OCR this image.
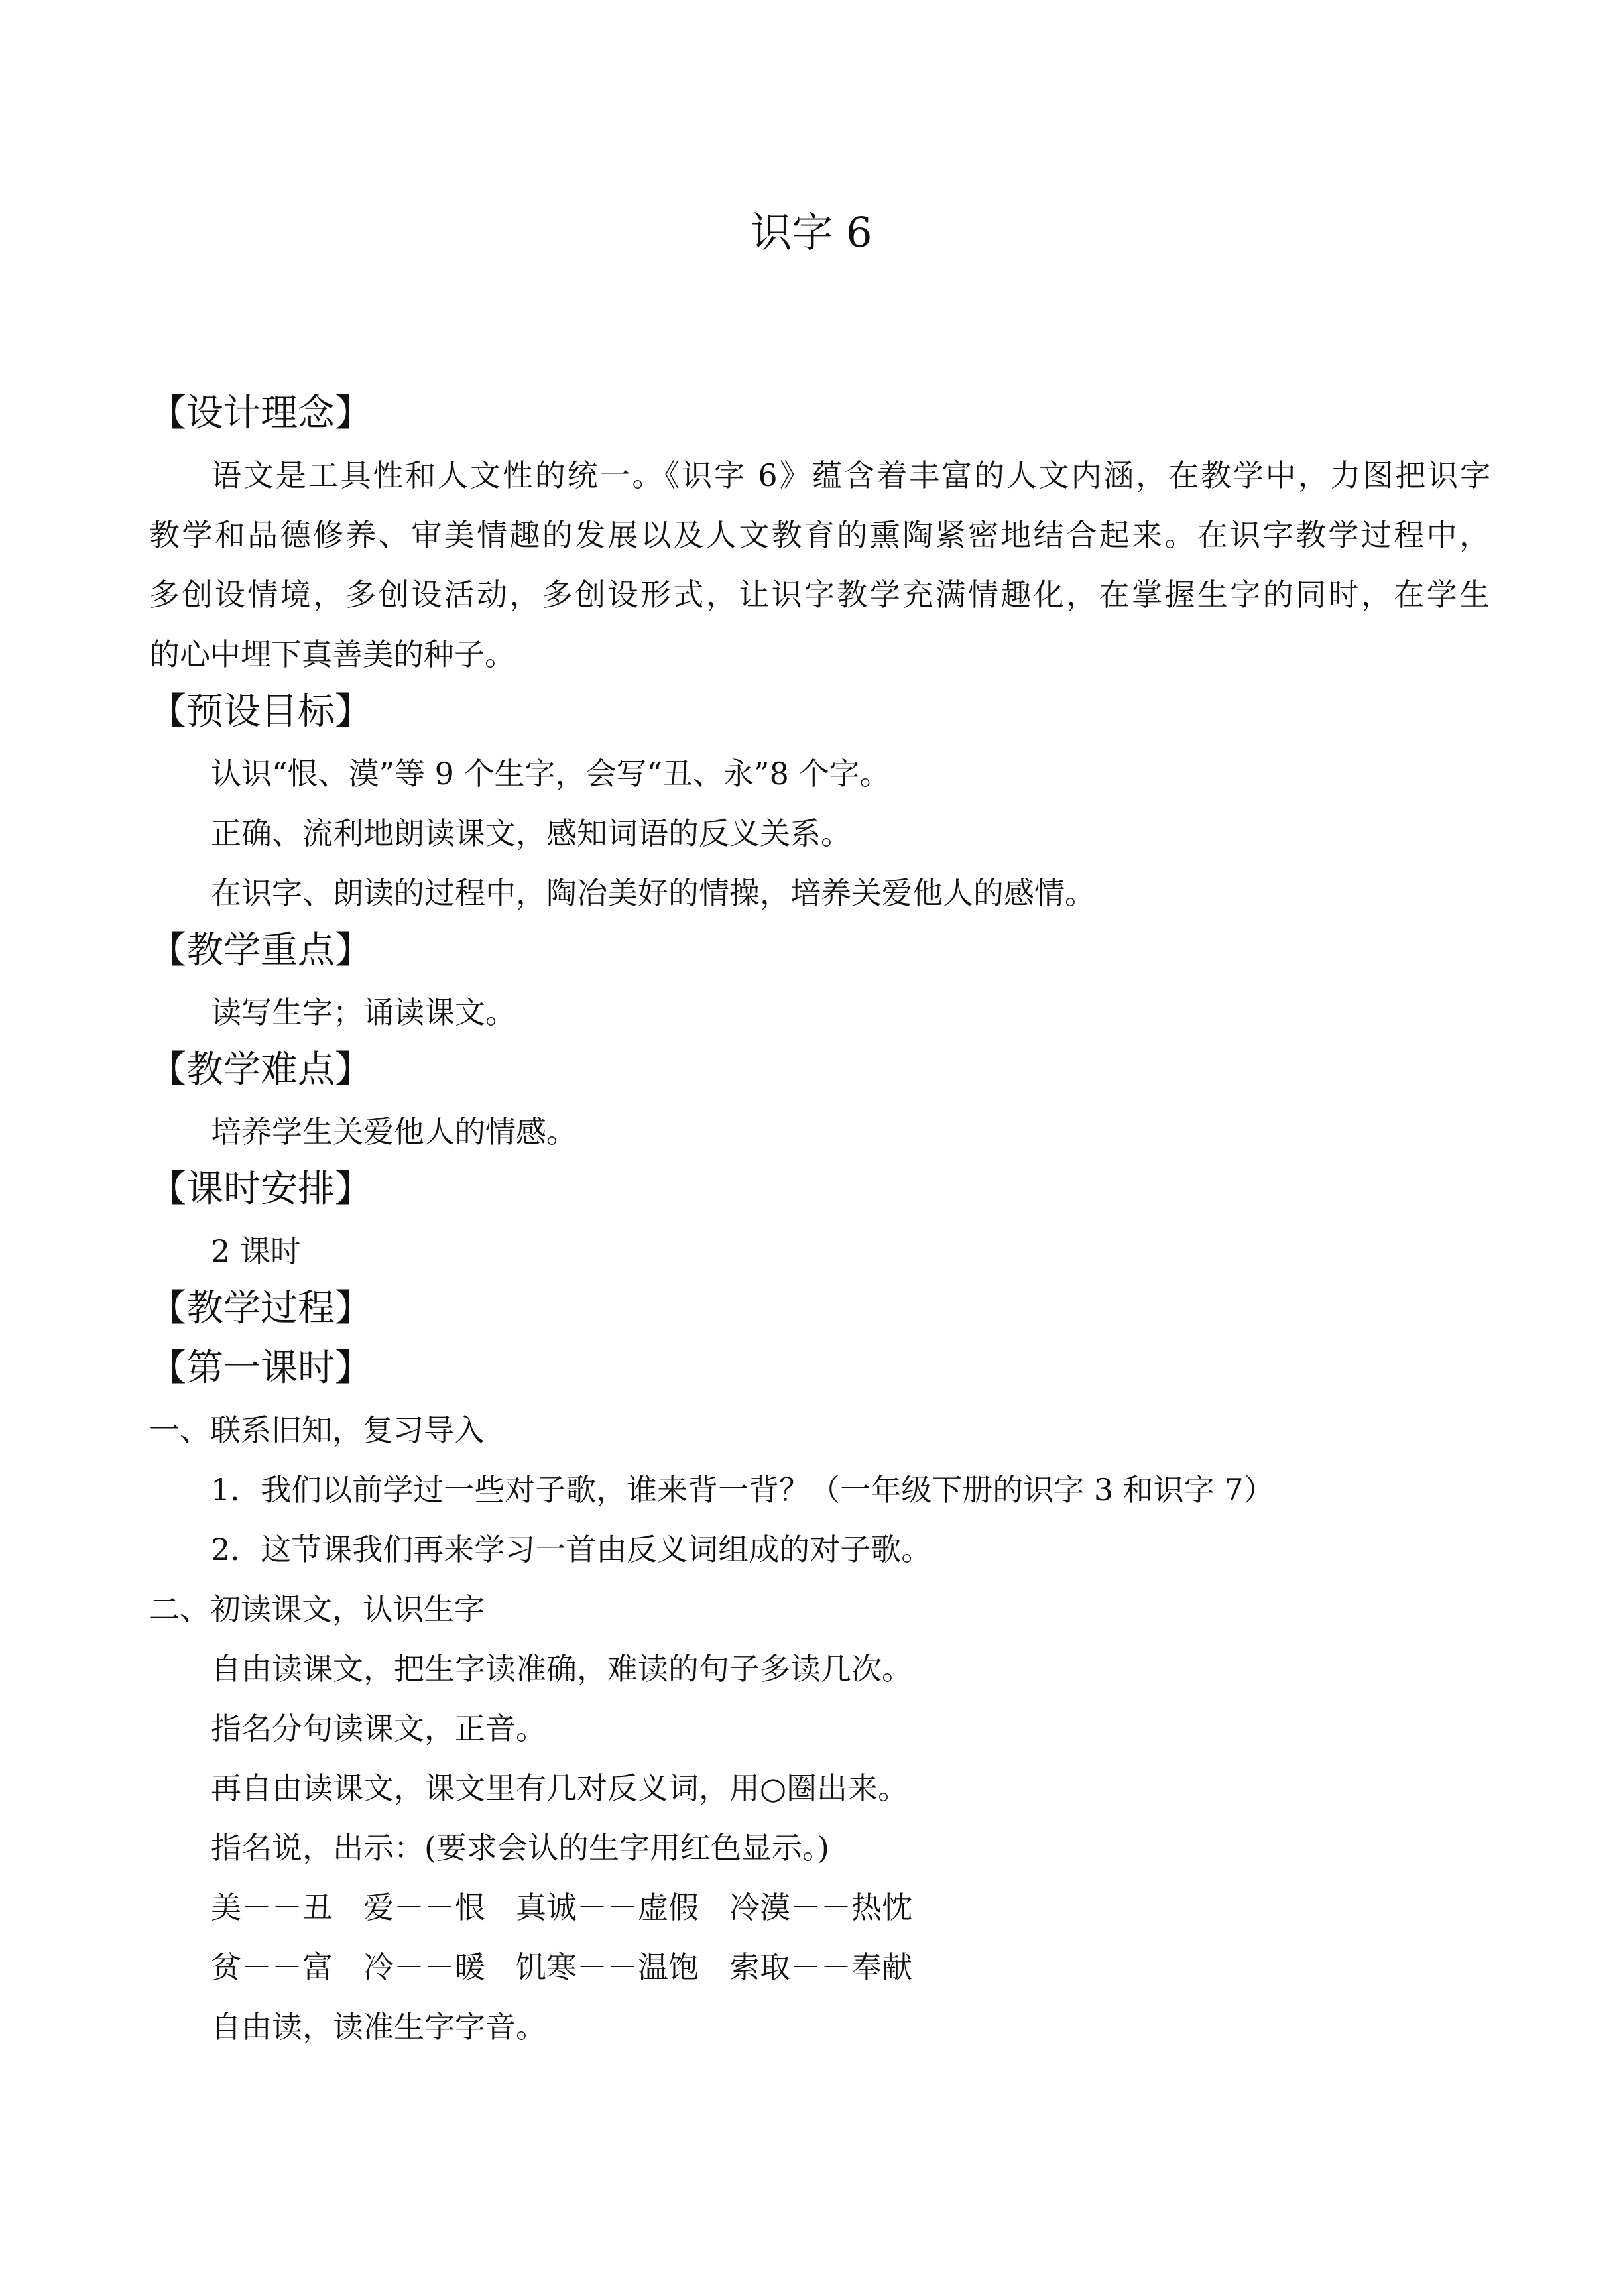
识字 6
【设计理念】
语文是工具性和人文性的统一。《识字 6》蕴含着丰富的人文内涵，在教学中，力图把识字
教学和品德修养、审美情趣的发展以及人文教育的熏陶紧密地结合起来。在识字教学过程中，
多创设情境，多创设活动，多创设形式，让识字教学充满情趣化，在掌握生字的同时，在学生
的心中埋下真善美的种子。
【预设目标】
认识“恨、漠”等 9 个生字，会写“丑、永”8 个字。
正确、流利地朗读课文，感知词语的反义关系。
在识字、朗读的过程中，陶冶美好的情操，培养关爱他人的感情。
【教学重点】
读写生字；诵读课文。
【教学难点】
培养学生关爱他人的情感。
【课时安排】
2 课时
【教学过程】
【第一课时】
一、联系旧知，复习导入
1．我们以前学过一些对子歌，谁来背一背？（一年级下册的识字 3 和识字 7）
2．这节课我们再来学习一首由反义词组成的对子歌。
二、初读课文，认识生字
自由读课文，把生字读准确，难读的句子多读几次。
指名分句读课文，正音。
再自由读课文，课文里有几对反义词，用○圈出来。
指名说，出示：(要求会认的生字用红色显示。)
美－－丑　爱－－恨　真诚－－虚假　冷漠－－热忱
贫－－富　冷－－暖　饥寒－－温饱　索取－－奉献
自由读，读准生字字音。
